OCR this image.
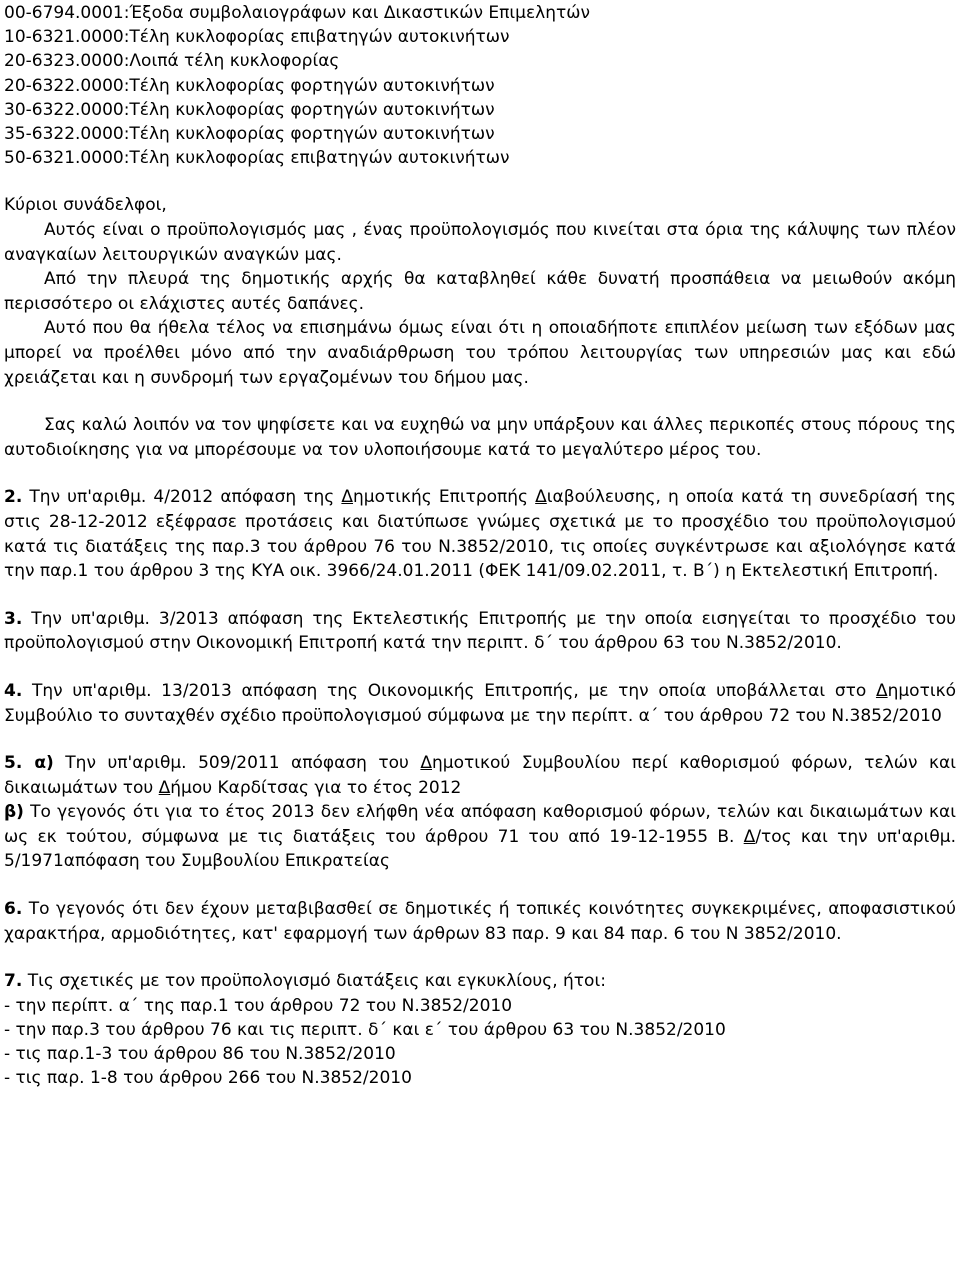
00-6794.0001:Έξοδα συμβολαιογράφων και Δικαστικών Επιμελητών
10-6321.0000:Τέλη κυκλοφορίας επιβατηγών αυτοκινήτων
20-6323.0000:Λοιπά τέλη κυκλοφορίας
20-6322.0000:Τέλη κυκλοφορίας φορτηγών αυτοκινήτων
30-6322.0000:Τέλη κυκλοφορίας φορτηγών αυτοκινήτων
35-6322.0000:Τέλη κυκλοφορίας φορτηγών αυτοκινήτων
50-6321.0000:Τέλη κυκλοφορίας επιβατηγών αυτοκινήτων

Κύριοι συνάδελφοι,

Αυτός είναι ο προϋπολογισμός μας , ένας προϋπολογισμός που κινείται στα όρια της κάλυψης των πλέον αναγκαίων λειτουργικών αναγκών μας.

Από την πλευρά της δημοτικής αρχής θα καταβληθεί κάθε δυνατή προσπάθεια να μειωθούν ακόμη περισσότερο οι ελάχιστες αυτές δαπάνες.

Αυτό που θα ήθελα τέλος να επισημάνω όμως είναι ότι η οποιαδήποτε επιπλέον μείωση των εξόδων μας μπορεί να προέλθει μόνο από την αναδιάρθρωση του τρόπου λειτουργίας των υπηρεσιών μας και εδώ χρειάζεται και η συνδρομή των εργαζομένων του δήμου μας.

Σας καλώ λοιπόν να τον ψηφίσετε και να ευχηθώ να μην υπάρξουν και άλλες περικοπές στους πόρους της αυτοδιοίκησης για να μπορέσουμε να τον υλοποιήσουμε κατά το μεγαλύτερο μέρος του.

2. Την υπ'αριθμ. 4/2012 απόφαση της Δημοτικής Επιτροπής Διαβούλευσης, η οποία κατά τη συνεδρίασή της στις 28-12-2012 εξέφρασε προτάσεις και διατύπωσε γνώμες σχετικά με το προσχέδιο του προϋπολογισμού κατά τις διατάξεις της παρ.3 του άρθρου 76 του Ν.3852/2010, τις οποίες συγκέντρωσε και αξιολόγησε κατά την παρ.1 του άρθρου 3 της ΚΥΑ οικ. 3966/24.01.2011 (ΦΕΚ 141/09.02.2011, τ. Β΄) η Εκτελεστική Επιτροπή.

3. Την υπ'αριθμ. 3/2013 απόφαση της Εκτελεστικής Επιτροπής με την οποία εισηγείται το προσχέδιο του προϋπολογισμού στην Οικονομική Επιτροπή κατά την περιπτ. δ΄ του άρθρου 63 του Ν.3852/2010.

4. Την υπ'αριθμ. 13/2013 απόφαση της Οικονομικής Επιτροπής, με την οποία υποβάλλεται στο Δημοτικό Συμβούλιο το συνταχθέν σχέδιο προϋπολογισμού σύμφωνα με την περίπτ. α΄ του άρθρου 72 του Ν.3852/2010

5. α) Την υπ'αριθμ. 509/2011 απόφαση του Δημοτικού Συμβουλίου περί καθορισμού φόρων, τελών και δικαιωμάτων του Δήμου Καρδίτσας για το έτος 2012

β) Το γεγονός ότι για το έτος 2013 δεν ελήφθη νέα απόφαση καθορισμού φόρων, τελών και δικαιωμάτων και ως εκ τούτου, σύμφωνα με τις διατάξεις του άρθρου 71 του από 19-12-1955 Β. Δ/τος και την υπ'αριθμ. 5/1971απόφαση του Συμβουλίου Επικρατείας

6. Το γεγονός ότι δεν έχουν μεταβιβασθεί σε δημοτικές ή τοπικές κοινότητες συγκεκριμένες, αποφασιστικού χαρακτήρα, αρμοδιότητες, κατ' εφαρμογή των άρθρων 83 παρ. 9 και 84 παρ. 6 του Ν 3852/2010.

7. Τις σχετικές με τον προϋπολογισμό διατάξεις και εγκυκλίους, ήτοι:

- την περίπτ. α΄ της παρ.1 του άρθρου 72 του Ν.3852/2010
- την παρ.3 του άρθρου 76 και τις περιπτ. δ΄ και ε΄ του άρθρου 63 του Ν.3852/2010
- τις παρ.1-3 του άρθρου 86 του Ν.3852/2010
- τις παρ. 1-8 του άρθρου 266 του Ν.3852/2010
